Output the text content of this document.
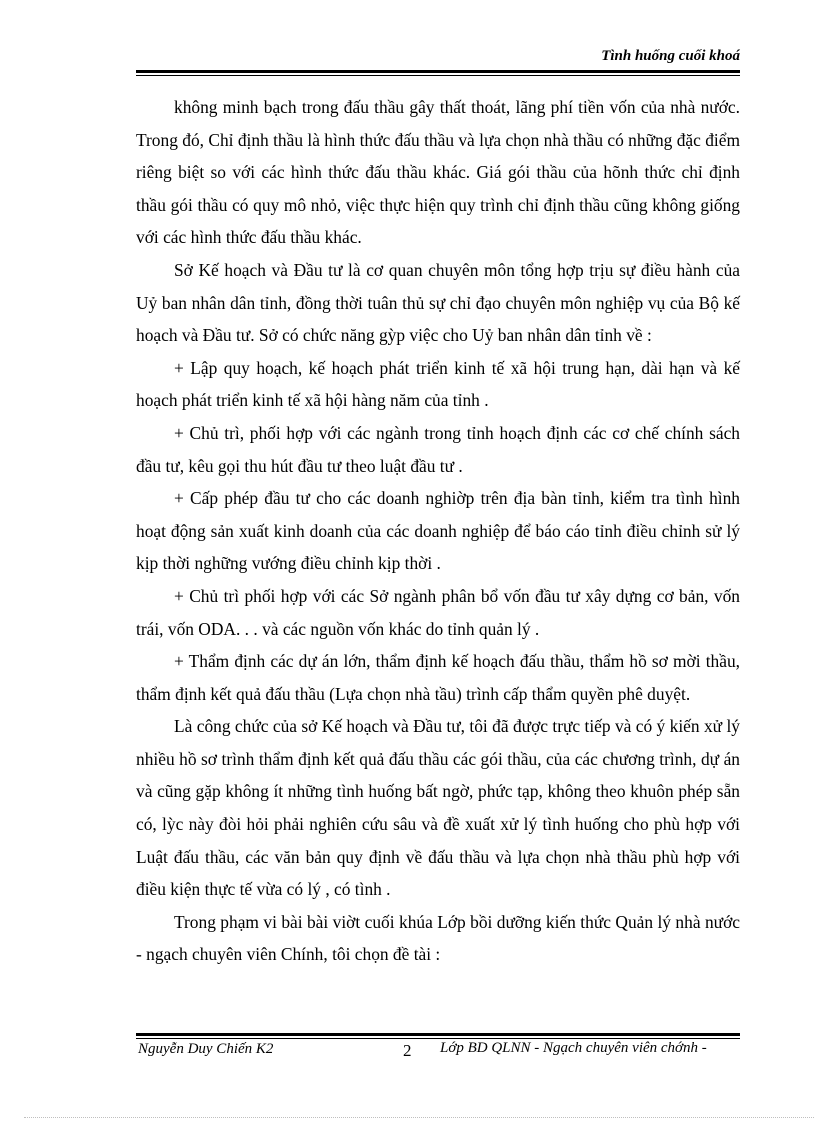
Tình huống cuối khoá

không minh bạch trong đấu thầu gây thất thoát, lãng phí tiền vốn của nhà nước. Trong đó, Chỉ định thầu là hình thức đấu thầu và lựa chọn nhà thầu có những đặc điểm riêng biệt so với các hình thức đấu thầu khác. Giá gói thầu của hõnh thức chỉ định thầu gói thầu có quy mô nhỏ, việc thực hiện quy trình chỉ định thầu cũng không giống với các hình thức đấu thầu khác.

Sở Kế hoạch và Đầu tư là cơ quan chuyên môn tổng hợp trịu sự điều hành của Uỷ ban nhân dân tỉnh, đồng thời tuân thủ sự chỉ đạo chuyên môn nghiệp vụ của Bộ kế hoạch và Đầu tư. Sở có chức năng gỳp việc cho Uỷ ban nhân dân tỉnh về :

+ Lập quy hoạch, kế hoạch phát triển kinh tế xã hội trung hạn, dài hạn và kế hoạch phát triển kinh tế xã hội hàng năm của tỉnh .

+ Chủ trì, phối hợp với các ngành trong tỉnh hoạch định các cơ chế chính sách đầu tư, kêu gọi thu hút đầu tư theo luật đầu tư .

+ Cấp phép đầu tư cho các doanh nghiờp trên địa bàn tỉnh, kiểm tra tình hình hoạt động sản xuất kinh doanh của các doanh nghiệp để báo cáo tỉnh điều chỉnh sử lý kịp thời nghững vướng điều chỉnh kịp thời .

+ Chủ trì phối hợp với các Sở ngành phân bổ vốn đầu tư xây dựng cơ bản, vốn trái, vốn ODA. . . và các nguồn vốn khác do tỉnh quản lý .

+ Thẩm định các dự án lớn, thẩm định kế hoạch đấu thầu, thẩm hồ sơ mời thầu, thẩm định kết quả đấu thầu (Lựa chọn nhà tầu) trình cấp thẩm quyền phê duyệt.

Là công chức của sở Kế hoạch và Đầu tư, tôi đã được trực tiếp và có ý kiến xử lý nhiều hồ sơ trình thẩm định kết quả đấu thầu các gói thầu, của các chương trình, dự án và cũng gặp không ít những tình huống bất ngờ, phức tạp, không theo khuôn phép sẵn có, lỳc này đòi hỏi phải nghiên cứu sâu và đề xuất xử lý tình huống cho phù hợp với Luật đấu thầu, các văn bản quy định về đấu thầu và lựa chọn nhà thầu phù hợp với điều kiện thực tế vừa có lý , có tình .

Trong phạm vi bài bài viờt cuối khúa Lớp bồi dưỡng kiến thức Quản lý nhà nước - ngạch chuyên viên Chính, tôi chọn đề tài :

Nguyễn Duy Chiến K2	2 Lớp BD QLNN - Ngạch chuyên viên chớnh -
